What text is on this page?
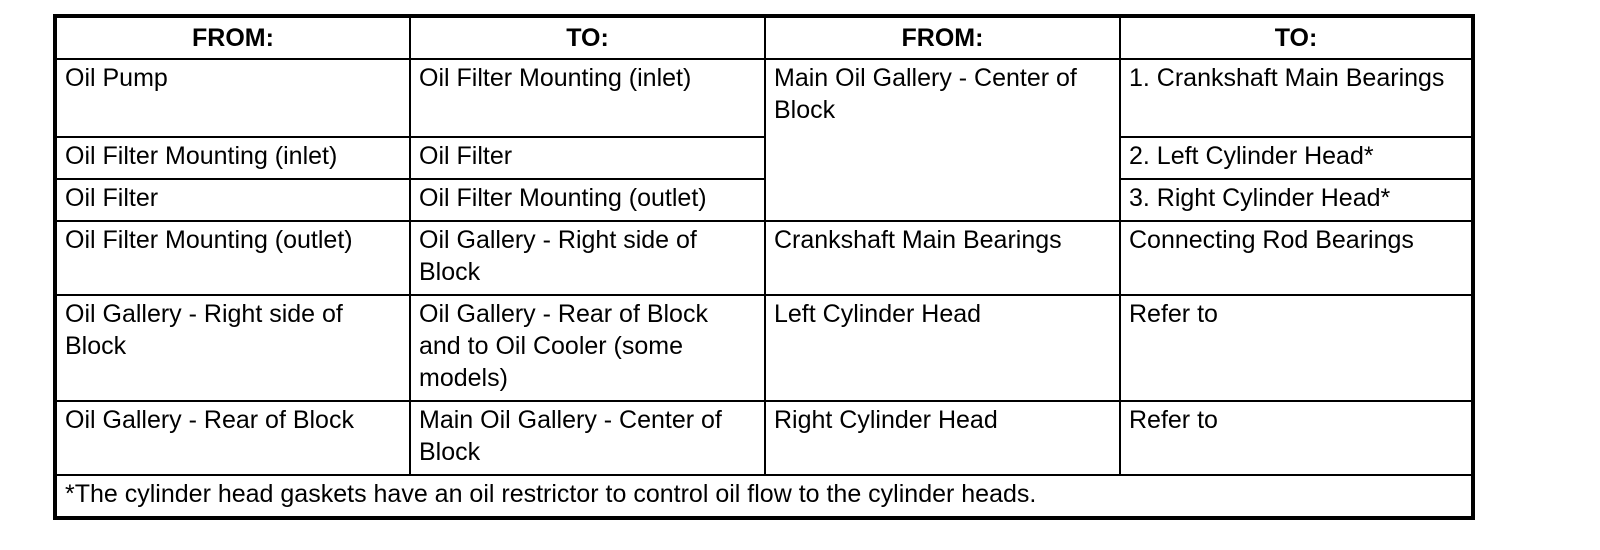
FROM:	TO:	FROM:	TO:
Oil Pump	Oil Filter Mounting (inlet)	Main Oil Gallery - Center of Block	1. Crankshaft Main Bearings
Oil Filter Mounting (inlet)	Oil Filter		2. Left Cylinder Head*
Oil Filter	Oil Filter Mounting (outlet)		3. Right Cylinder Head*
Oil Filter Mounting (outlet)	Oil Gallery - Right side of Block	Crankshaft Main Bearings	Connecting Rod Bearings
Oil Gallery - Right side of Block	Oil Gallery - Rear of Block and to Oil Cooler (some models)	Left Cylinder Head	Refer to
Oil Gallery - Rear of Block	Main Oil Gallery - Center of Block	Right Cylinder Head	Refer to
*The cylinder head gaskets have an oil restrictor to control oil flow to the cylinder heads.			
